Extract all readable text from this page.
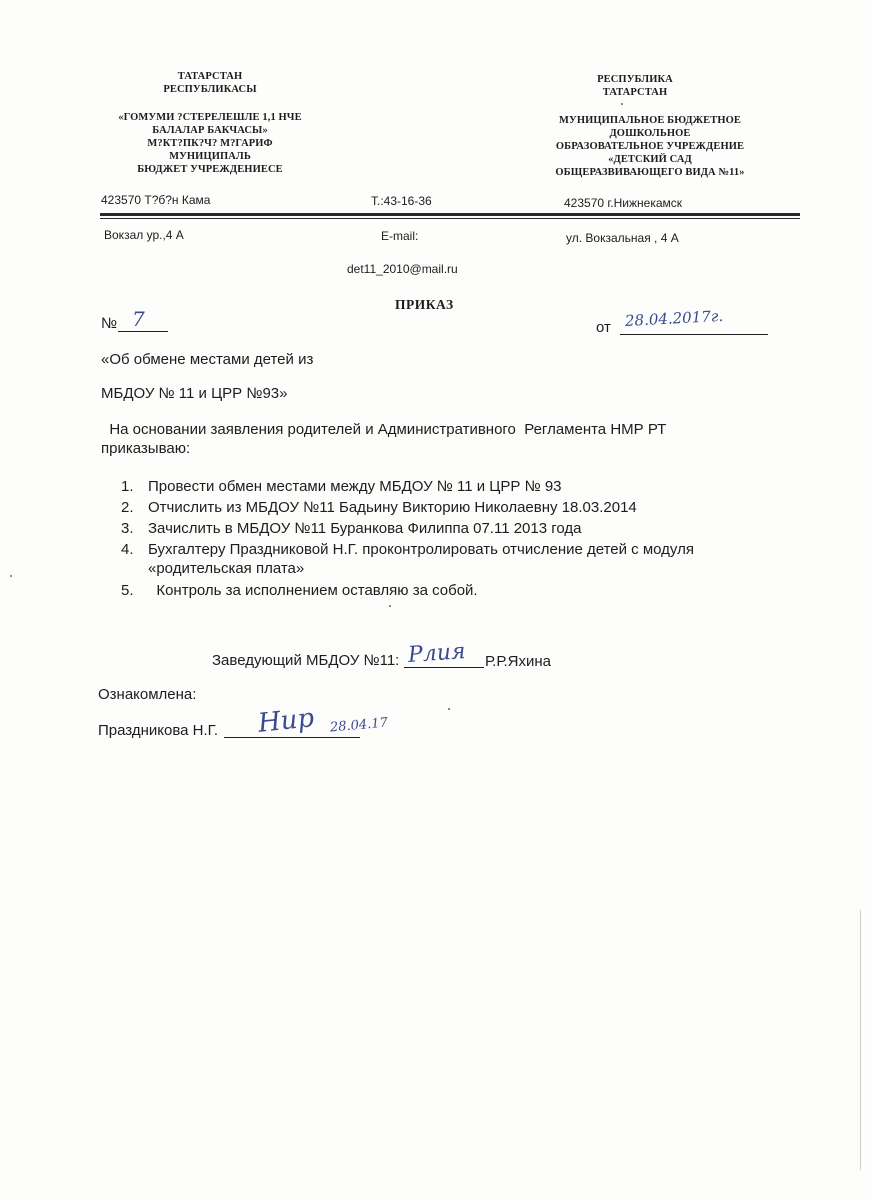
ТАТАРСТАН
РЕСПУБЛИКАСЫ
«ГОМУМИ ?СТЕРЕЛЕШЛЕ 1,1 НЧЕ
БАЛАЛАР БАКЧАСЫ»
М?КТ?ПК?Ч? М?ГАРИФ
МУНИЦИПАЛЬ
БЮДЖЕТ УЧРЕЖДЕНИЕСЕ
РЕСПУБЛИКА
ТАТАРСТАН
МУНИЦИПАЛЬНОЕ БЮДЖЕТНОЕ
ДОШКОЛЬНОЕ
ОБРАЗОВАТЕЛЬНОЕ УЧРЕЖДЕНИЕ
«ДЕТСКИЙ САД
ОБЩЕРАЗВИВАЮЩЕГО ВИДА №11»
423570 Т?б?н Кама	Т.:43-16-36	423570 г.Нижнекамск
Вокзал ур.,4 А	E-mail:	ул. Вокзальная , 4 А
det11_2010@mail.ru
ПРИКАЗ
№ 7	от 28.04.2017г.
«Об обмене местами детей из
МБДОУ № 11 и ЦРР №93»
На основании заявления родителей и Административного  Регламента НМР РТ приказываю:
1. Провести обмен местами между МБДОУ № 11 и ЦРР № 93
2. Отчислить из МБДОУ №11 Бадьину Викторию Николаевну 18.03.2014
3. Зачислить в МБДОУ №11 Буранкова Филиппа 07.11 2013 года
4. Бухгалтеру Праздниковой Н.Г. проконтролировать отчисление детей с модуля «родительская плата»
5. Контроль за исполнением оставляю за собой.
Заведующий МБДОУ №11: Рлия Р.Р.Яхина
Ознакомлена:
Праздникова Н.Г. Нир 28.04.17
